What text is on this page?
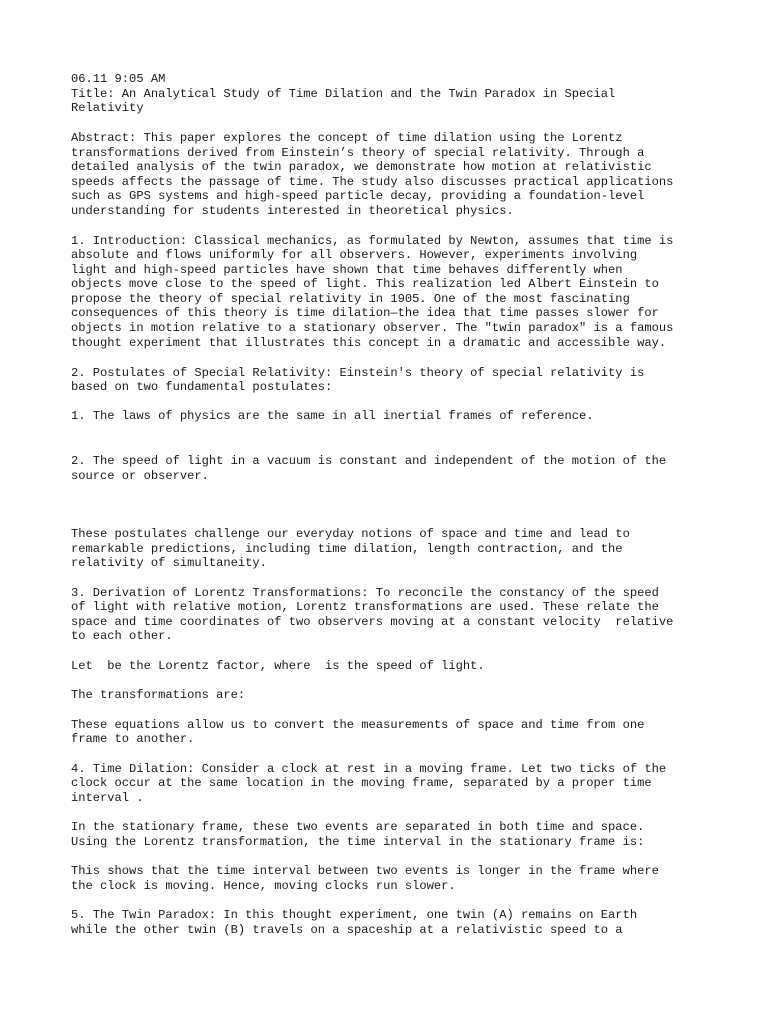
06.11 9:05 AM

Title: An Analytical Study of Time Dilation and the Twin Paradox in Special

Relativity

Abstract: This paper explores the concept of time dilation using the Lorentz

transformations derived from Einstein’s theory of special relativity. Through a

detailed analysis of the twin paradox, we demonstrate how motion at relativistic

speeds affects the passage of time. The study also discusses practical applications

such as GPS systems and high-speed particle decay, providing a foundation-level

understanding for students interested in theoretical physics.

1. Introduction: Classical mechanics, as formulated by Newton, assumes that time is

absolute and flows uniformly for all observers. However, experiments involving

light and high-speed particles have shown that time behaves differently when

objects move close to the speed of light. This realization led Albert Einstein to

propose the theory of special relativity in 1905. One of the most fascinating

consequences of this theory is time dilation—the idea that time passes slower for

objects in motion relative to a stationary observer. The "twin paradox" is a famous

thought experiment that illustrates this concept in a dramatic and accessible way.

2. Postulates of Special Relativity: Einstein's theory of special relativity is

based on two fundamental postulates:

1. The laws of physics are the same in all inertial frames of reference.

2. The speed of light in a vacuum is constant and independent of the motion of the

source or observer.

These postulates challenge our everyday notions of space and time and lead to

remarkable predictions, including time dilation, length contraction, and the

relativity of simultaneity.

3. Derivation of Lorentz Transformations: To reconcile the constancy of the speed

of light with relative motion, Lorentz transformations are used. These relate the

space and time coordinates of two observers moving at a constant velocity  relative

to each other.

Let  be the Lorentz factor, where  is the speed of light.

The transformations are:

These equations allow us to convert the measurements of space and time from one

frame to another.

4. Time Dilation: Consider a clock at rest in a moving frame. Let two ticks of the

clock occur at the same location in the moving frame, separated by a proper time

interval .

In the stationary frame, these two events are separated in both time and space.

Using the Lorentz transformation, the time interval in the stationary frame is:

This shows that the time interval between two events is longer in the frame where

the clock is moving. Hence, moving clocks run slower.

5. The Twin Paradox: In this thought experiment, one twin (A) remains on Earth

while the other twin (B) travels on a spaceship at a relativistic speed to a
